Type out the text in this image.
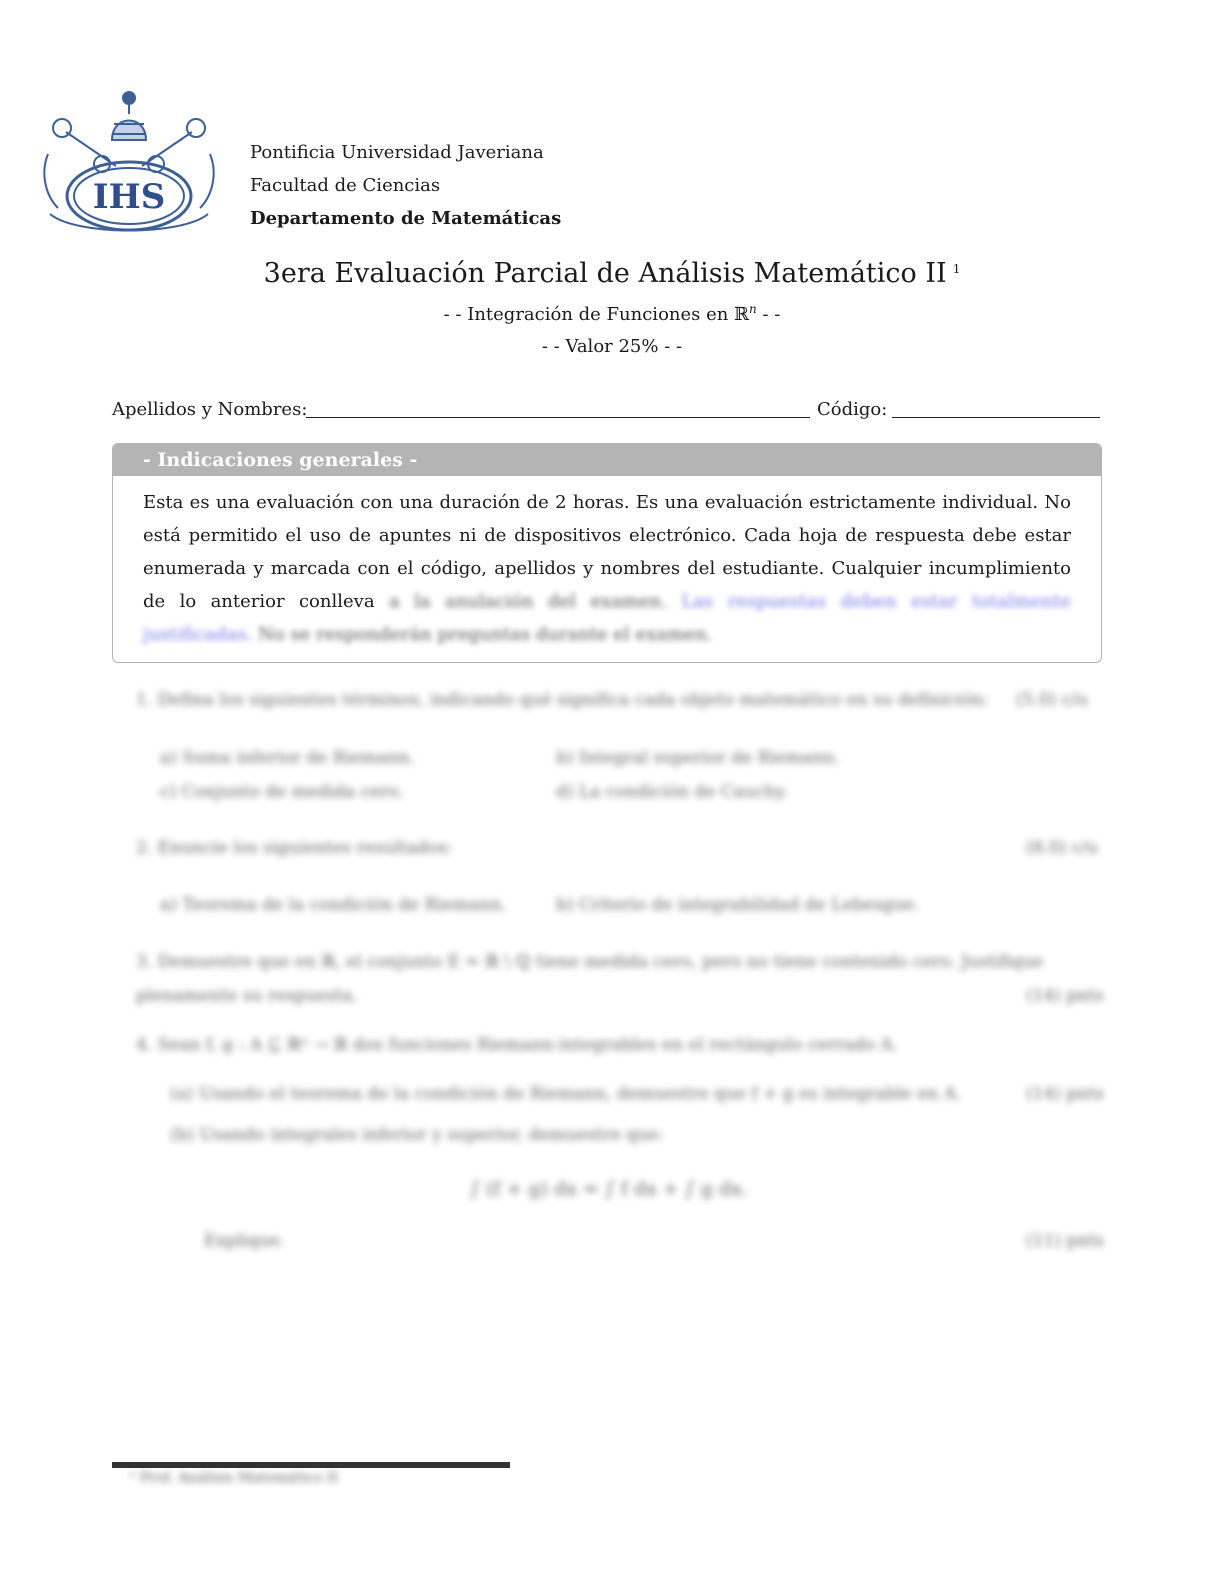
IHS
Pontificia Universidad Javeriana
Facultad de Ciencias
Departamento de Matemáticas
3era Evaluación Parcial de Análisis Matemático II $^1$
- - Integración de Funciones en ℝ$^n$ - -
- - Valor 25% - -
Apellidos y Nombres:	Código:
- Indicaciones generales -
Esta es una evaluación con una duración de 2 horas. Es una evaluación estrictamente individual. No está permitido el uso de apuntes ni de dispositivos electrónico. Cada hoja de respuesta debe estar enumerada y marcada con el código, apellidos y nombres del estudiante. Cualquier incumplimiento de lo anterior conlleva a la anulación del examen. Las respuestas deben estar totalmente justificadas. No se responderán preguntas durante el examen.
1. Defina los siguientes términos, indicando qué significa cada objeto matemático en su definición: (5.0) c/u
a) Suma inferior de Riemann.	b) Integral superior de Riemann.
c) Conjunto de medida cero.	d) La condición de Cauchy.
2. Enuncie los siguientes resultados:	(8.0) c/u
a) Teorema de la condición de Riemann.	b) Criterio de integrabilidad de Lebesgue.
3. Demuestre que en ℝ, el conjunto E = ℝ \ ℚ tiene medida cero, pero no tiene contenido cero. Justifique
plenamente su respuesta.	(14) pnts
4. Sean f, g : A ⊆ ℝⁿ → ℝ dos funciones Riemann-integrables en el rectángulo cerrado A.
(a) Usando el teorema de la condición de Riemann, demuestre que f + g es integrable en A.	(14) pnts
(b) Usando integrales inferior y superior, demuestre que:
∫ (f + g) dx = ∫ f dx + ∫ g dx.
Explique.	(11) pnts
¹ Prof. Análisis Matemático II
